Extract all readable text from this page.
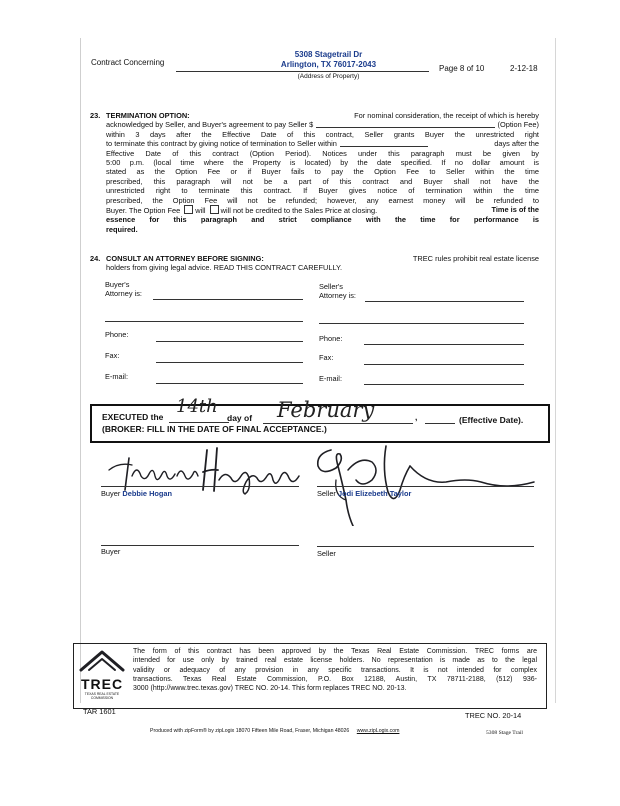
Contract Concerning
5308 Stagetrail Dr
Arlington, TX 76017-2043
(Address of Property)
Page 8 of 10	2-12-18
23. TERMINATION OPTION:	For nominal consideration, the receipt of which is hereby
acknowledged by Seller, and Buyer's agreement to pay Seller $	(Option Fee)
within 3 days after the Effective Date of this contract, Seller grants Buyer the unrestricted right
to terminate this contract by giving notice of termination to Seller within	days after the
Effective Date of this contract (Option Period). Notices under this paragraph must be given by
5:00 p.m. (local time where the Property is located) by the date specified. If no dollar amount is
stated as the Option Fee or if Buyer fails to pay the Option Fee to Seller within the time
prescribed, this paragraph will not be a part of this contract and Buyer shall not have the
unrestricted right to terminate this contract. If Buyer gives notice of termination within the time
prescribed, the Option Fee will not be refunded; however, any earnest money will be refunded to
Buyer. The Option Fee will will not be credited to the Sales Price at closing.	Time is of the
essence for this paragraph and strict compliance with the time for performance is
required.
24. CONSULT AN ATTORNEY BEFORE SIGNING:	TREC rules prohibit real estate license
holders from giving legal advice. READ THIS CONTRACT CAREFULLY.
Buyer's
Attorney is:
Phone:
Fax:
E-mail:
Seller's
Attorney is:
Phone:
Fax:
E-mail:
EXECUTED the 14th
day of February	,	(Effective Date).
(BROKER: FILL IN THE DATE OF FINAL ACCEPTANCE.)
Buyer Debbie Hogan	Seller Jodi Elizebeth Taylor
Buyer	Seller
TREC
TEXAS REAL ESTATE COMMISSION
The form of this contract has been approved by the Texas Real Estate Commission. TREC forms are
intended for use only by trained real estate license holders. No representation is made as to the legal
validity or adequacy of any provision in any specific transactions. It is not intended for complex
transactions. Texas Real Estate Commission, P.O. Box 12188, Austin, TX 78711-2188, (512) 936-
3000 (http://www.trec.texas.gov) TREC NO. 20-14. This form replaces TREC NO. 20-13.
TAR 1601	TREC NO. 20-14
Produced with zipForm® by zipLogix 18070 Fifteen Mile Road, Fraser, Michigan 48026 www.zipLogix.com	5308 Stage Trail
